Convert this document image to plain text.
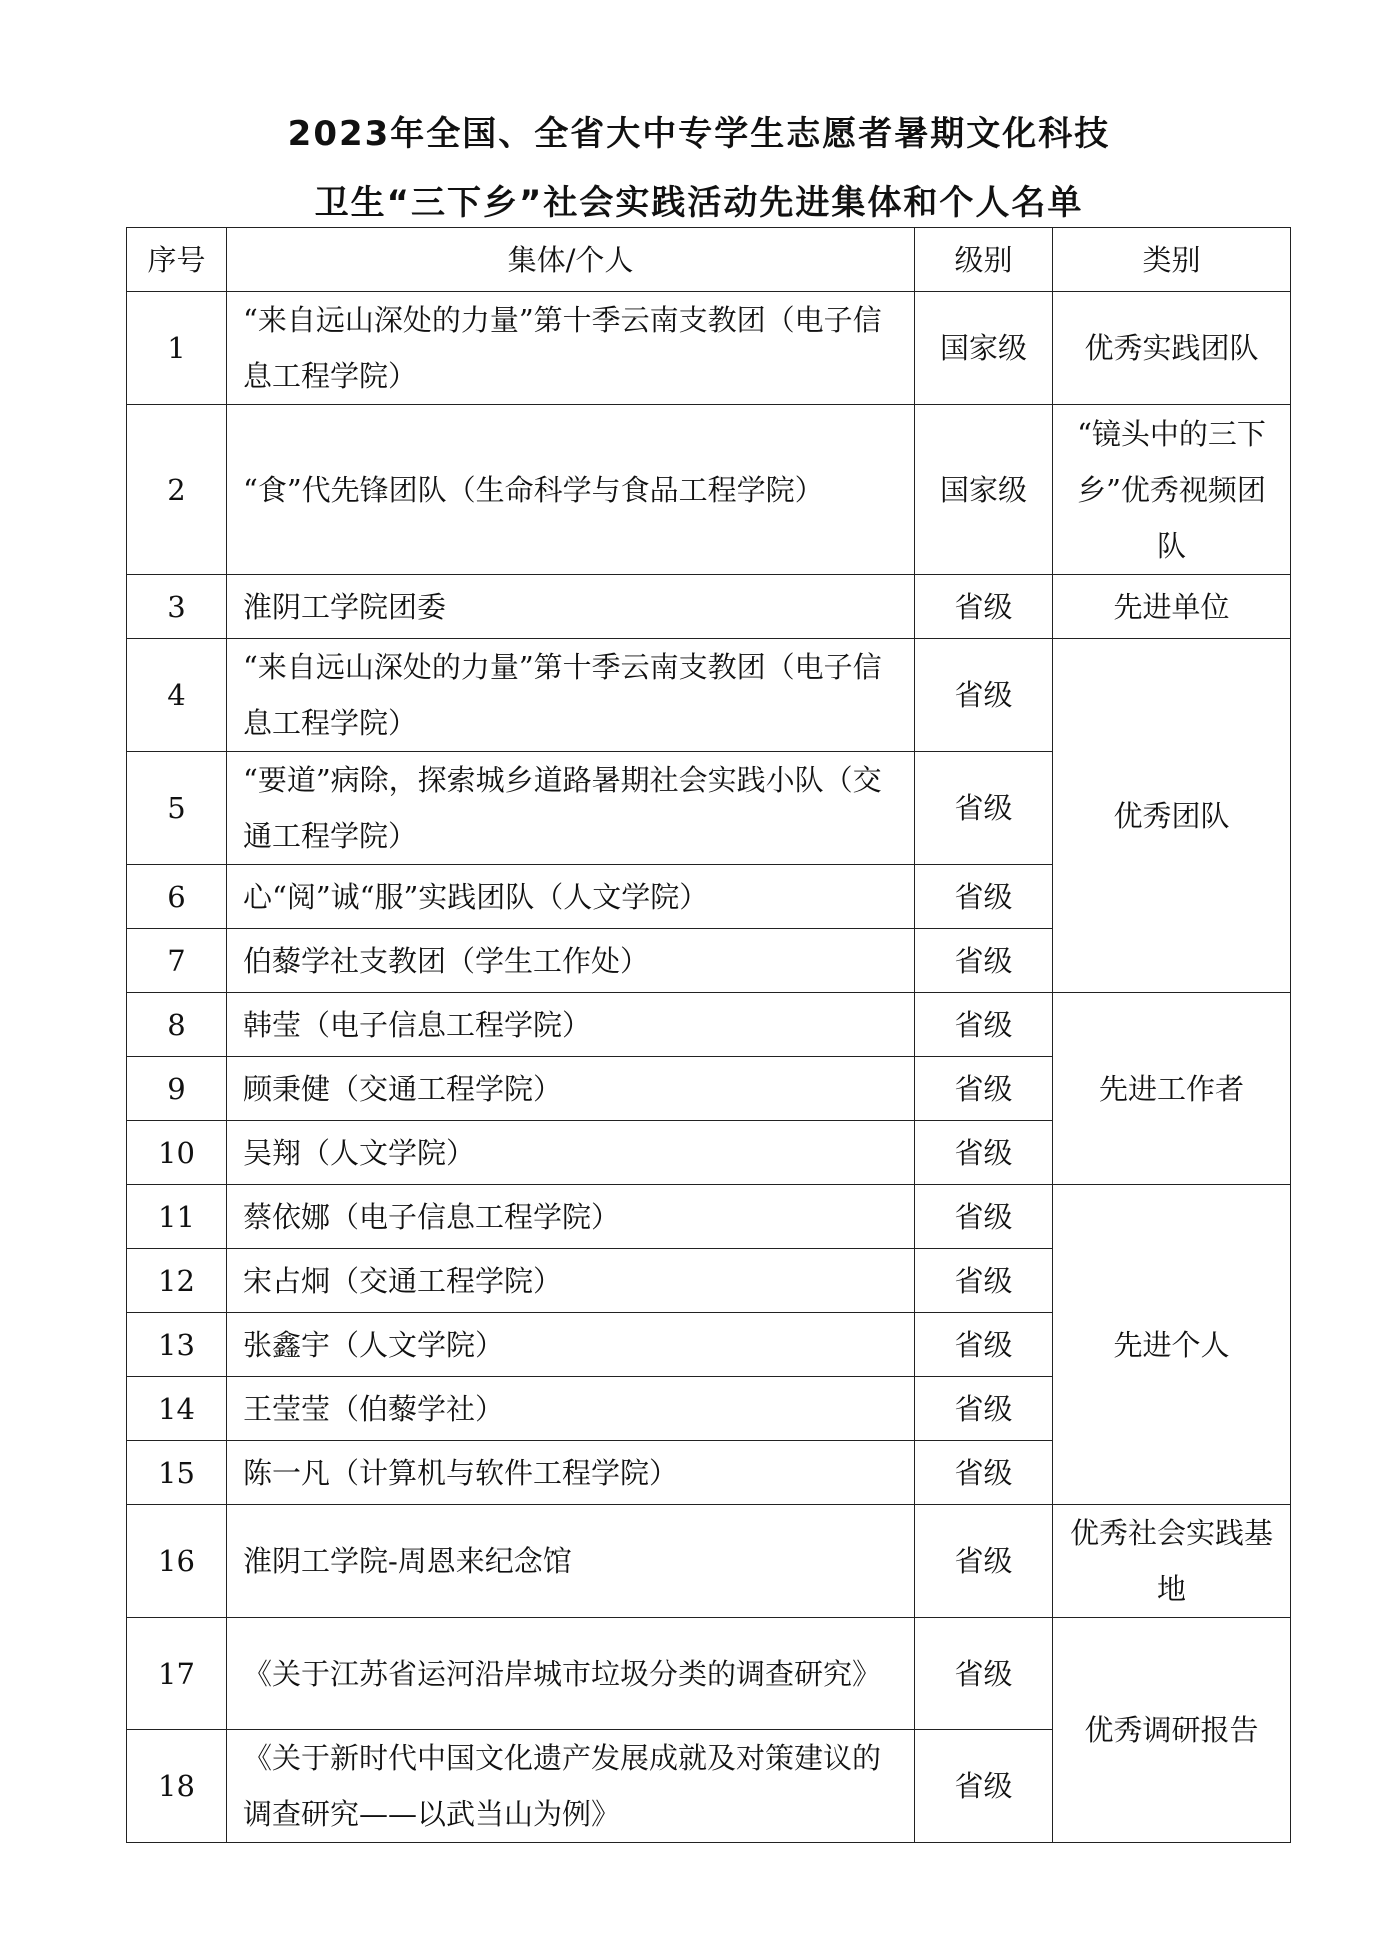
2023年全国、全省大中专学生志愿者暑期文化科技
卫生“三下乡”社会实践活动先进集体和个人名单
序号	集体/个人	级别	类别
1	“来自远山深处的力量”第十季云南支教团（电子信息工程学院）	国家级	优秀实践团队
2	“食”代先锋团队（生命科学与食品工程学院）	国家级	“镜头中的三下乡”优秀视频团队
3	淮阴工学院团委	省级	先进单位
4	“来自远山深处的力量”第十季云南支教团（电子信息工程学院）	省级	优秀团队
5	“要道”病除，探索城乡道路暑期社会实践小队（交通工程学院）	省级	
6	心“阅”诚“服”实践团队（人文学院）	省级	
7	伯藜学社支教团（学生工作处）	省级	
8	韩莹（电子信息工程学院）	省级	先进工作者
9	顾秉健（交通工程学院）	省级	
10	吴翔（人文学院）	省级	
11	蔡依娜（电子信息工程学院）	省级	先进个人
12	宋占炯（交通工程学院）	省级	
13	张鑫宇（人文学院）	省级	
14	王莹莹（伯藜学社）	省级	
15	陈一凡（计算机与软件工程学院）	省级	
16	淮阴工学院-周恩来纪念馆	省级	优秀社会实践基地
17	《关于江苏省运河沿岸城市垃圾分类的调查研究》	省级	优秀调研报告
18	《关于新时代中国文化遗产发展成就及对策建议的调查研究——以武当山为例》	省级	
